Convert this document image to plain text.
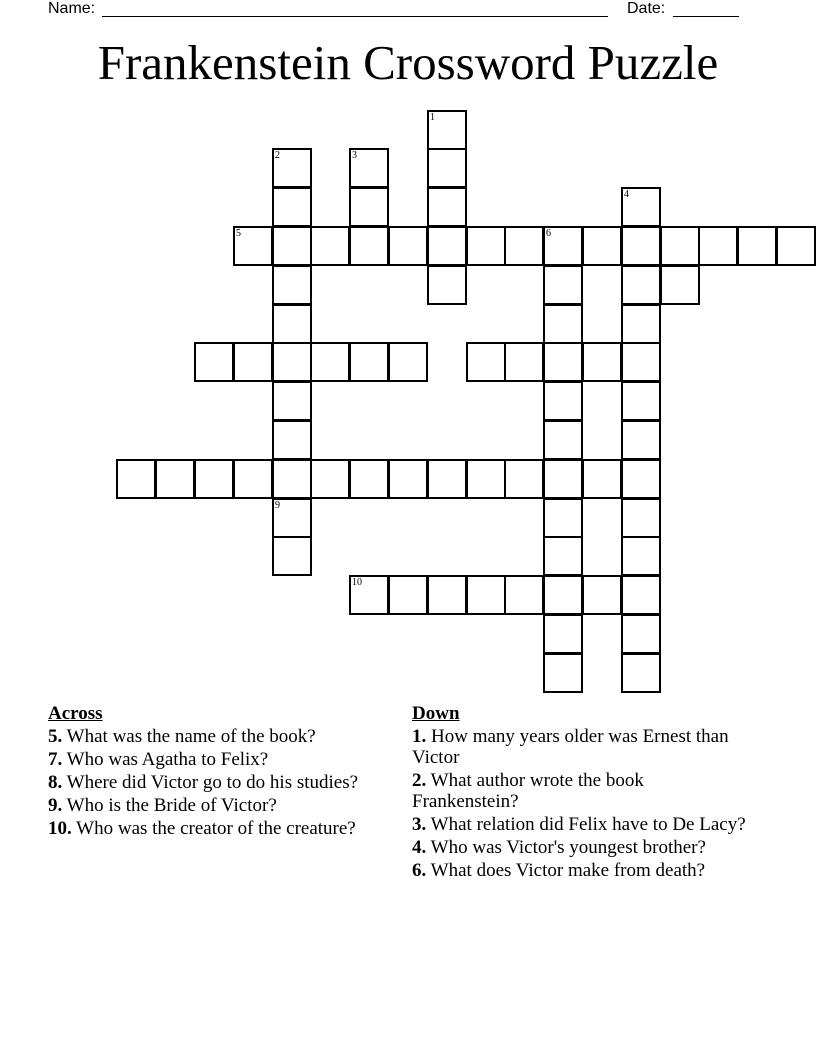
Name:	Date:
Frankenstein Crossword Puzzle
1
2
9
3
4
5	6
10
Across
5. What was the name of the book?
7. Who was Agatha to Felix?
8. Where did Victor go to do his studies?
9. Who is the Bride of Victor?
10. Who was the creator of the creature?
Down
1. How many years older was Ernest than Victor
2. What author wrote the book Frankenstein?
3. What relation did Felix have to De Lacy?
4. Who was Victor's youngest brother?
6. What does Victor make from death?
